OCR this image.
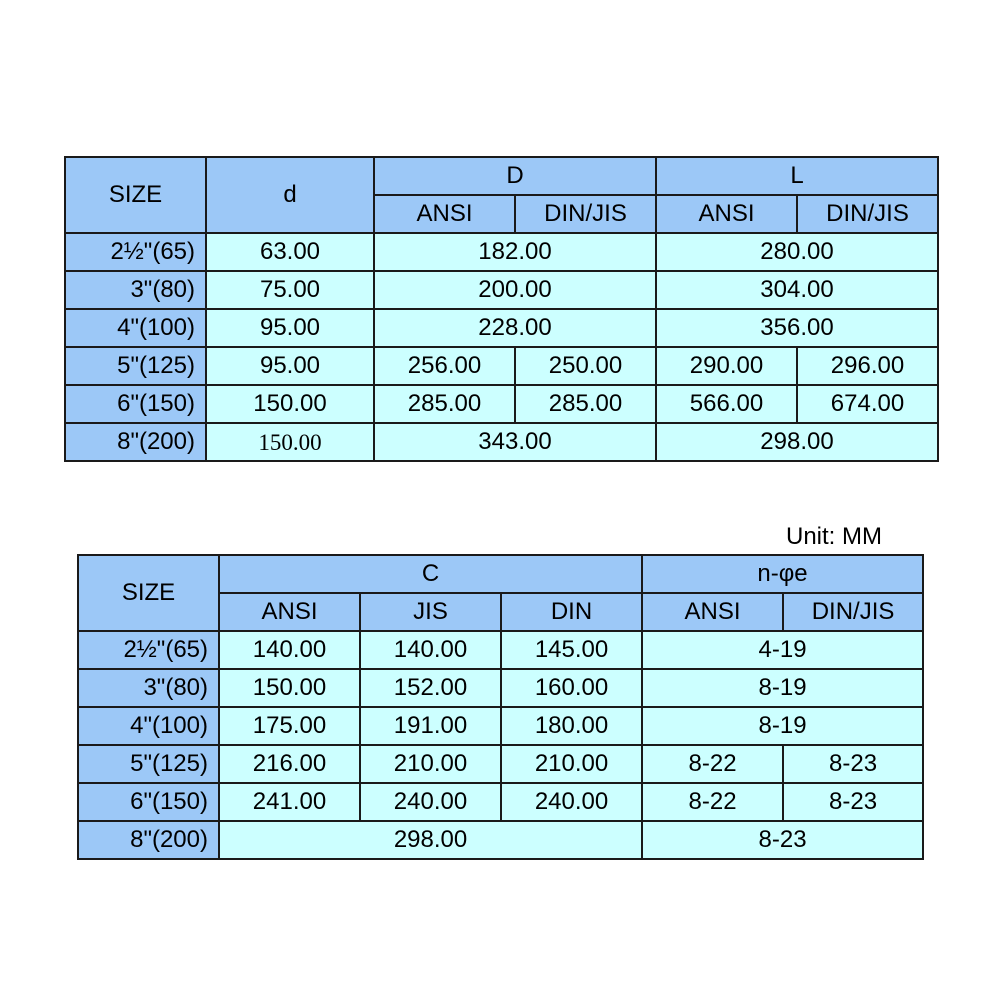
SIZE	d	D		L	
		ANSI	DIN/JIS	ANSI	DIN/JIS
2½"(65)	63.00	182.00		280.00	
3"(80)	75.00	200.00		304.00	
4"(100)	95.00	228.00		356.00	
5"(125)	95.00	256.00	250.00	290.00	296.00
6"(150)	150.00	285.00	285.00	566.00	674.00
8"(200)	150.00	343.00		298.00	
Unit: MM
SIZE	C			n-φe	
	ANSI	JIS	DIN	ANSI	DIN/JIS
2½"(65)	140.00	140.00	145.00	4-19	
3"(80)	150.00	152.00	160.00	8-19	
4"(100)	175.00	191.00	180.00	8-19	
5"(125)	216.00	210.00	210.00	8-22	8-23
6"(150)	241.00	240.00	240.00	8-22	8-23
8"(200)	298.00			8-23	
